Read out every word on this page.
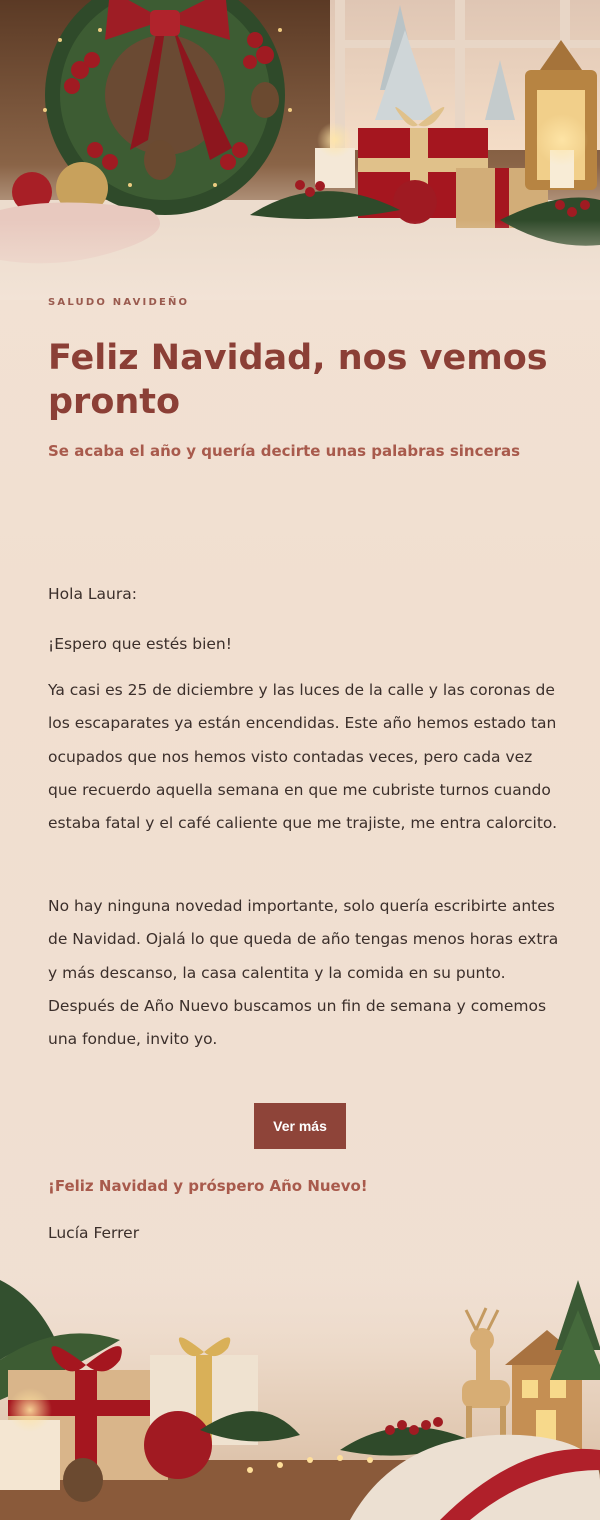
SALUDO NAVIDEÑO
Feliz Navidad, nos vemos pronto
Se acaba el año y quería decirte unas palabras sinceras

Hola Laura:

¡Espero que estés bien!

Ya casi es 25 de diciembre y las luces de la calle y las coronas de los escaparates ya están encendidas. Este año hemos estado tan ocupados que nos hemos visto contadas veces, pero cada vez que recuerdo aquella semana en que me cubriste turnos cuando estaba fatal y el café caliente que me trajiste, me entra calorcito.

No hay ninguna novedad importante, solo quería escribirte antes de Navidad. Ojalá lo que queda de año tengas menos horas extra y más descanso, la casa calentita y la comida en su punto. Después de Año Nuevo buscamos un fin de semana y comemos una fondue, invito yo.

Ver más
¡Feliz Navidad y próspero Año Nuevo!
Lucía Ferrer
